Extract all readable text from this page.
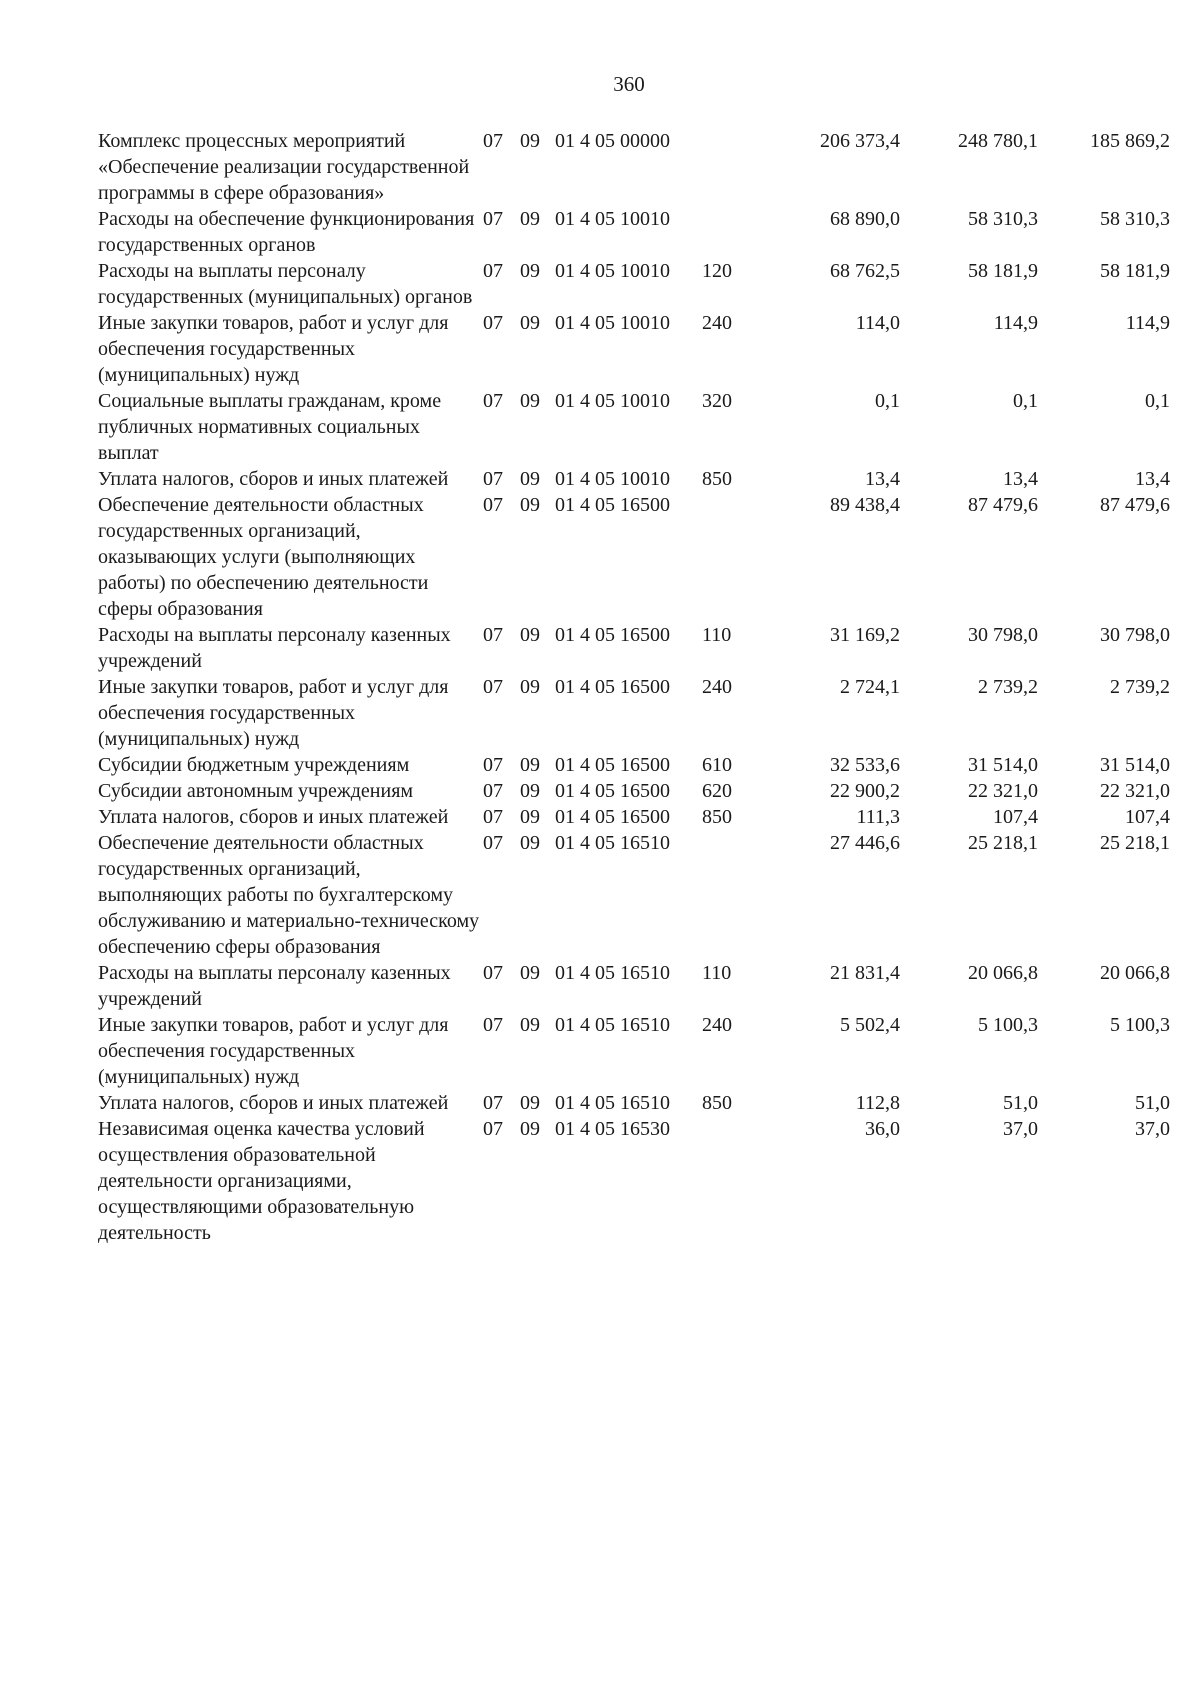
360
Комплекс процессных мероприятий «Обеспечение реализации государственной программы в сфере образования»	07	09	01 4 05 00000		206 373,4	248 780,1	185 869,2
Расходы на обеспечение функционирования государственных органов	07	09	01 4 05 10010		68 890,0	58 310,3	58 310,3
Расходы на выплаты персоналу государственных (муниципальных) органов	07	09	01 4 05 10010	120	68 762,5	58 181,9	58 181,9
Иные закупки товаров, работ и услуг для обеспечения государственных (муниципальных) нужд	07	09	01 4 05 10010	240	114,0	114,9	114,9
Социальные выплаты гражданам, кроме публичных нормативных социальных выплат	07	09	01 4 05 10010	320	0,1	0,1	0,1
Уплата налогов, сборов и иных платежей	07	09	01 4 05 10010	850	13,4	13,4	13,4
Обеспечение деятельности областных государственных организаций, оказывающих услуги (выполняющих работы) по обеспечению деятельности сферы образования	07	09	01 4 05 16500		89 438,4	87 479,6	87 479,6
Расходы на выплаты персоналу казенных учреждений	07	09	01 4 05 16500	110	31 169,2	30 798,0	30 798,0
Иные закупки товаров, работ и услуг для обеспечения государственных (муниципальных) нужд	07	09	01 4 05 16500	240	2 724,1	2 739,2	2 739,2
Субсидии бюджетным учреждениям	07	09	01 4 05 16500	610	32 533,6	31 514,0	31 514,0
Субсидии автономным учреждениям	07	09	01 4 05 16500	620	22 900,2	22 321,0	22 321,0
Уплата налогов, сборов и иных платежей	07	09	01 4 05 16500	850	111,3	107,4	107,4
Обеспечение деятельности областных государственных организаций, выполняющих работы по бухгалтерскому обслуживанию и материально-техническому обеспечению сферы образования	07	09	01 4 05 16510		27 446,6	25 218,1	25 218,1
Расходы на выплаты персоналу казенных учреждений	07	09	01 4 05 16510	110	21 831,4	20 066,8	20 066,8
Иные закупки товаров, работ и услуг для обеспечения государственных (муниципальных) нужд	07	09	01 4 05 16510	240	5 502,4	5 100,3	5 100,3
Уплата налогов, сборов и иных платежей	07	09	01 4 05 16510	850	112,8	51,0	51,0
Независимая оценка качества условий осуществления образовательной деятельности организациями, осуществляющими образовательную деятельность	07	09	01 4 05 16530		36,0	37,0	37,0
